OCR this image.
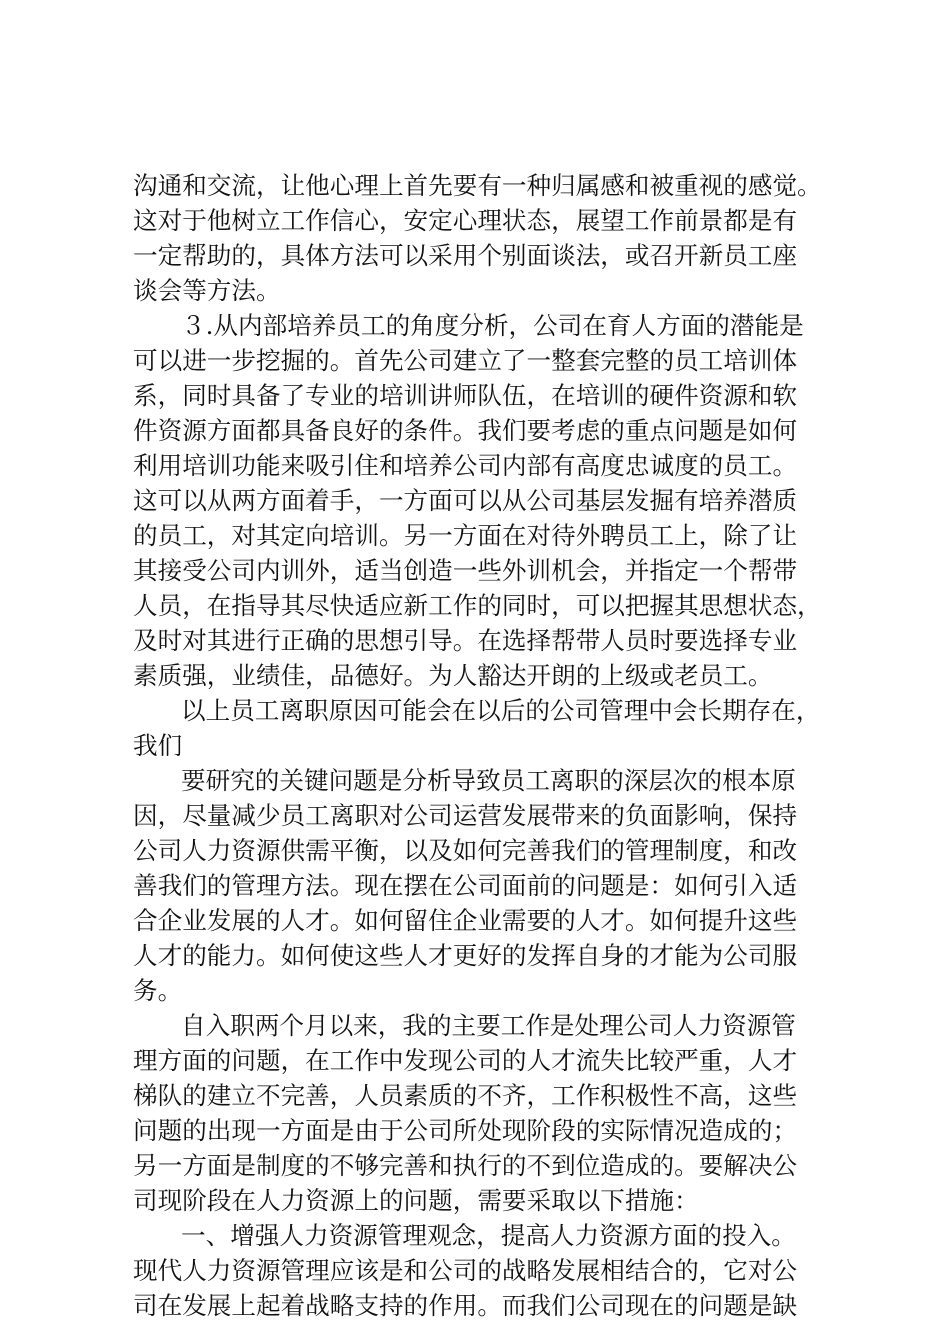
沟通和交流，让他心理上首先要有一种归属感和被重视的感觉。
这对于他树立工作信心，安定心理状态，展望工作前景都是有
一定帮助的，具体方法可以采用个别面谈法，或召开新员工座
谈会等方法。
３.从内部培养员工的角度分析，公司在育人方面的潜能是
可以进一步挖掘的。首先公司建立了一整套完整的员工培训体
系，同时具备了专业的培训讲师队伍，在培训的硬件资源和软
件资源方面都具备良好的条件。我们要考虑的重点问题是如何
利用培训功能来吸引住和培养公司内部有高度忠诚度的员工。
这可以从两方面着手，一方面可以从公司基层发掘有培养潜质
的员工，对其定向培训。另一方面在对待外聘员工上，除了让
其接受公司内训外，适当创造一些外训机会，并指定一个帮带
人员，在指导其尽快适应新工作的同时，可以把握其思想状态，
及时对其进行正确的思想引导。在选择帮带人员时要选择专业
素质强，业绩佳，品德好。为人豁达开朗的上级或老员工。
以上员工离职原因可能会在以后的公司管理中会长期存在，
我们
要研究的关键问题是分析导致员工离职的深层次的根本原
因，尽量减少员工离职对公司运营发展带来的负面影响，保持
公司人力资源供需平衡，以及如何完善我们的管理制度，和改
善我们的管理方法。现在摆在公司面前的问题是：如何引入适
合企业发展的人才。如何留住企业需要的人才。如何提升这些
人才的能力。如何使这些人才更好的发挥自身的才能为公司服
务。
自入职两个月以来，我的主要工作是处理公司人力资源管
理方面的问题，在工作中发现公司的人才流失比较严重，人才
梯队的建立不完善，人员素质的不齐，工作积极性不高，这些
问题的出现一方面是由于公司所处现阶段的实际情况造成的；
另一方面是制度的不够完善和执行的不到位造成的。要解决公
司现阶段在人力资源上的问题，需要采取以下措施：
一、增强人力资源管理观念，提高人力资源方面的投入。
现代人力资源管理应该是和公司的战略发展相结合的，它对公
司在发展上起着战略支持的作用。而我们公司现在的问题是缺
